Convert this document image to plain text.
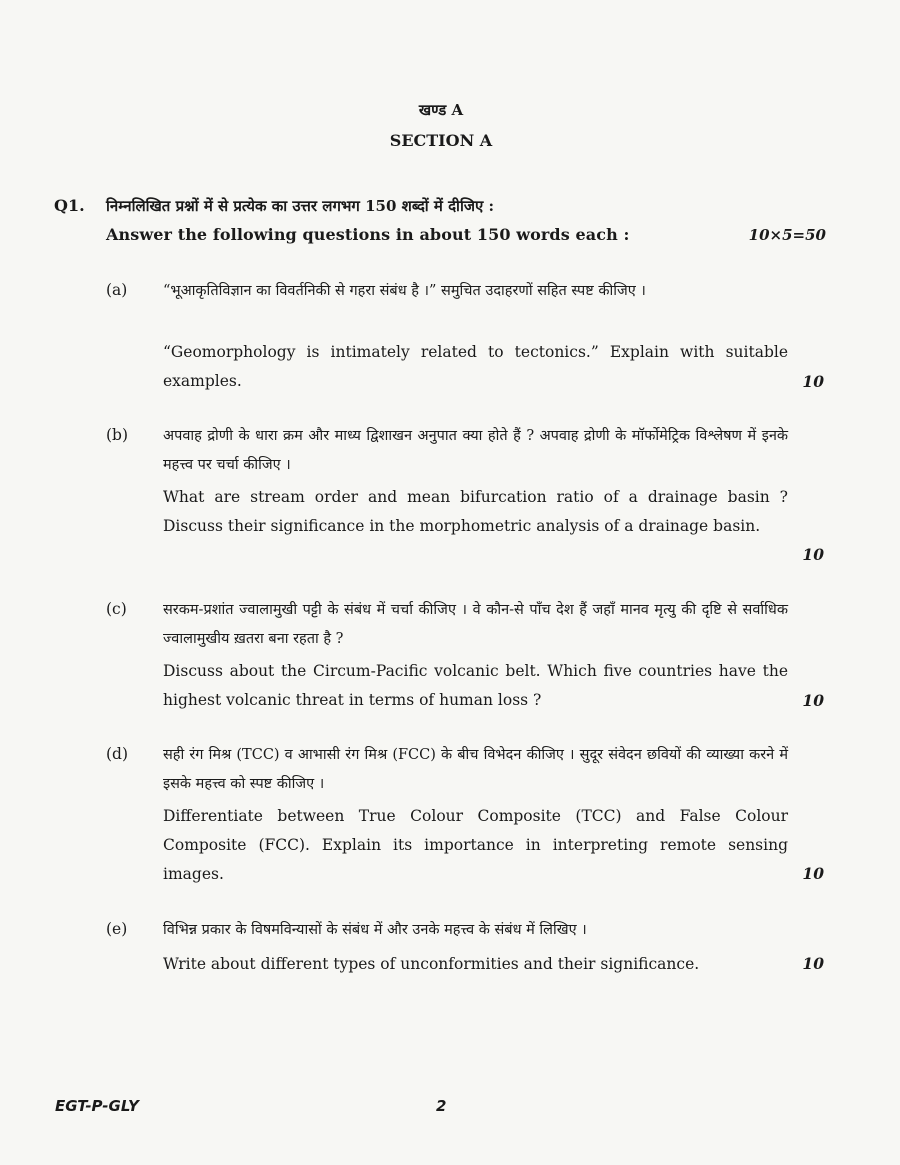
खण्ड A
SECTION A
Q1. निम्नलिखित प्रश्नों में से प्रत्येक का उत्तर लगभग 150 शब्दों में दीजिए :
Answer the following questions in about 150 words each :	10×5=50
(a) “भूआकृतिविज्ञान का विवर्तनिकी से गहरा संबंध है ।” समुचित उदाहरणों सहित स्पष्ट कीजिए ।
“Geomorphology is intimately related to tectonics.” Explain with suitable examples.	10
(b) अपवाह द्रोणी के धारा क्रम और माध्य द्विशाखन अनुपात क्या होते हैं ? अपवाह द्रोणी के मॉर्फोमेट्रिक विश्लेषण में इनके महत्त्व पर चर्चा कीजिए ।
What are stream order and mean bifurcation ratio of a drainage basin ? Discuss their significance in the morphometric analysis of a drainage basin.
10
(c) सरकम-प्रशांत ज्वालामुखी पट्टी के संबंध में चर्चा कीजिए । वे कौन-से पाँच देश हैं जहाँ मानव मृत्यु की दृष्टि से सर्वाधिक ज्वालामुखीय ख़तरा बना रहता है ?
Discuss about the Circum-Pacific volcanic belt. Which five countries have the highest volcanic threat in terms of human loss ?	10
(d) सही रंग मिश्र (TCC) व आभासी रंग मिश्र (FCC) के बीच विभेदन कीजिए । सुदूर संवेदन छवियों की व्याख्या करने में इसके महत्त्व को स्पष्ट कीजिए ।
Differentiate between True Colour Composite (TCC) and False Colour Composite (FCC). Explain its importance in interpreting remote sensing images.	10
(e) विभिन्न प्रकार के विषमविन्यासों के संबंध में और उनके महत्त्व के संबंध में लिखिए ।
Write about different types of unconformities and their significance.	10
EGT-P-GLY	2
